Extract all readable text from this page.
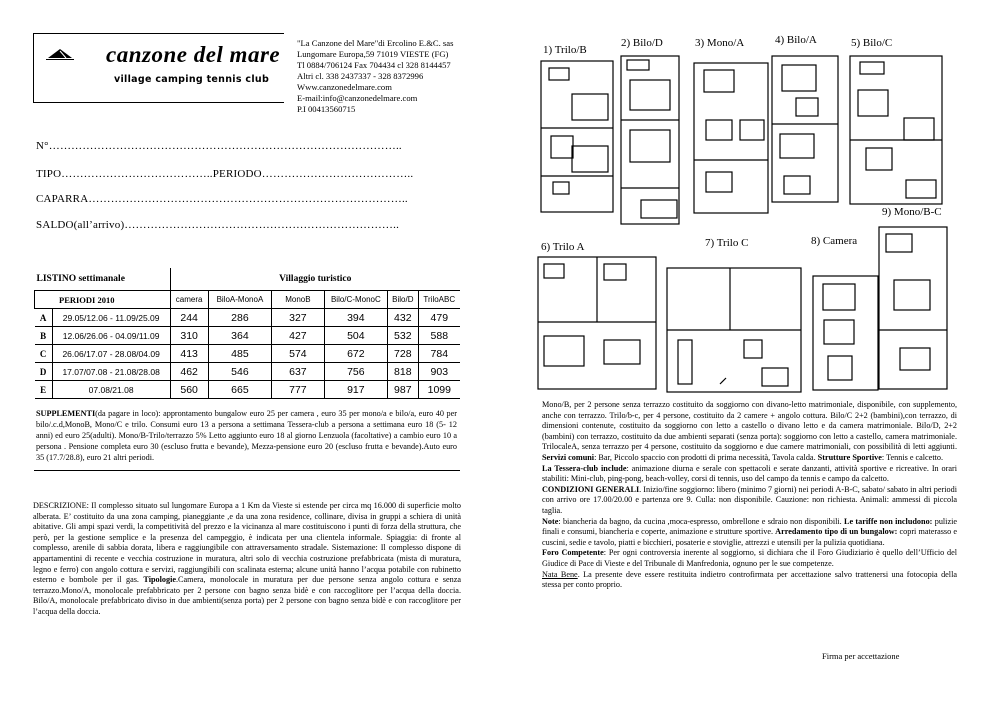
canzone del mare
village camping tennis club
"La Canzone del Mare"di Ercolino E.&C. sas
Lungomare Europa,59 71019 VIESTE (FG)
Tl 0884/706124 Fax 704434 cl 328 8144457
Altri cl. 338 2437337 - 328 8372996
Www.canzonedelmare.com
E-mail:info@canzonedelmare.com
P.I 00413560715
N°…………………………………………………………………………………..
TIPO…………………………………..PERIODO…………………………………..
CAPARRA…………………………………………………………………………..
SALDO(all’arrivo)………………………………………………………………..
LISTINO settimanale		Villaggio turistico					
PERIODI 2010		camera	BiloA-MonoA	MonoB	Bilo/C-MonoC	Bilo/D	TriloABC
A	29.05/12.06 - 11.09/25.09	244	286	327	394	432	479
B	12.06/26.06 - 04.09/11.09	310	364	427	504	532	588
C	26.06/17.07 - 28.08/04.09	413	485	574	672	728	784
D	17.07/07.08 - 21.08/28.08	462	546	637	756	818	903
E	07.08/21.08	560	665	777	917	987	1099

SUPPLEMENTI(da pagare in loco): approntamento bungalow euro 25 per camera , euro 35 per mono/a e bilo/a, euro 40 per bilo/.c.d,MonoB, Mono/C e trilo. Consumi euro 13 a persona a settimana Tessera-club a persona a settimana euro 18 (5- 12 anni) ed euro 25(adulti). Mono/B-Trilo/terrazzo 5% Letto aggiunto euro 18 al giorno Lenzuola (facoltative) a cambio euro 10 a persona . Pensione completa euro 30 (escluso frutta e bevande), Mezza-pensione euro 20 (escluso frutta e bevande).Auto euro 35 (17.7/28.8), euro 21 altri periodi.

DESCRIZIONE: Il complesso situato sul lungomare Europa a 1 Km da Vieste si estende per circa mq 16.000 di superficie molto alberata. E’ costituito da una zona camping, pianeggiante ,e da una zona residence, collinare, divisa in gruppi a schiera di unità abitative. Gli ampi spazi verdi, la competitività del prezzo e la vicinanza al mare costituiscono i punti di forza della struttura, che però, per la gestione semplice e la presenza del campeggio, è indicata per una clientela informale. Spiaggia: di fronte al complesso, arenile di sabbia dorata, libera e raggiungibile con attraversamento stradale. Sistemazione: Il complesso dispone di appartamentini di recente e vecchia costruzione in muratura, altri solo di vecchia costruzione prefabbricata (mista di muratura, legno e ferro) con angolo cottura e servizi, raggiungibili con scalinata esterna; alcune unità hanno l’acqua potabile con rubinetto esterno e bombole per il gas. Tipologie.Camera, monolocale in muratura per due persone senza angolo cottura e senza terrazzo.Mono/A, monolocale prefabbricato per 2 persone con bagno senza bidè e con raccoglitore per l’acqua della doccia. Bilo/A, monolocale prefabbricato diviso in due ambienti(senza porta) per 2 persone con bagno senza bidè e con raccoglitore per l’acqua della doccia.

1) Trilo/B
2) Bilo/D	3) Mono/A	4) Bilo/A	5) Bilo/C
9) Mono/B-C
6) Trilo A	7) Trilo C	8) Camera

Mono/B, per 2 persone senza terrazzo costituito da soggiorno con divano-letto matrimoniale, disponibile, con supplemento, anche con terrazzo. Trilo/b-c, per 4 persone, costituito da 2 camere + angolo cottura. Bilo/C 2+2 (bambini),con terrazzo, di dimensioni contenute, costituito da soggiorno con letto a castello o divano letto e da camera matrimoniale. Bilo/D, 2+2 (bambini) con terrazzo, costituito da due ambienti separati (senza porta): soggiorno con letto a castello, camera matrimoniale. TrilocaleA, senza terrazzo per 4 persone, costituito da soggiorno e due camere matrimoniali, con possibilità di letti aggiunti. Servizi comuni: Bar, Piccolo spaccio con prodotti di prima necessità, Tavola calda. Strutture Sportive: Tennis e calcetto.

La Tessera-club include: animazione diurna e serale con spettacoli e serate danzanti, attività sportive e ricreative. In orari stabiliti: Mini-club, ping-pong, beach-volley, corsi di tennis, uso del campo da tennis e campo da calcetto.

CONDIZIONI GENERALI. Inizio/fine soggiorno: libero (minimo 7 giorni) nei periodi A-B-C, sabato/ sabato in altri periodi con arrivo ore 17.00/20.00 e partenza ore 9. Culla: non disponibile. Cauzione: non richiesta. Animali: ammessi di piccola taglia.

Note: biancheria da bagno, da cucina ,moca-espresso, ombrellone e sdraio non disponibili. Le tariffe non includono: pulizie finali e consumi, biancheria e coperte, animazione e strutture sportive. Arredamento tipo di un bungalow: copri materasso e cuscini, sedie e tavolo, piatti e bicchieri, posaterie e stoviglie, attrezzi e utensili per la pulizia quotidiana.

Foro Competente: Per ogni controversia inerente al soggiorno, si dichiara che il Foro Giudiziario è quello dell’Ufficio del Giudice di Pace di Vieste e del Tribunale di Manfredonia, ognuno per le sue competenze.

Nata Bene. La presente deve essere restituita indietro controfirmata per accettazione salvo trattenersi una fotocopia della stessa per conto proprio.

Firma per accettazione
